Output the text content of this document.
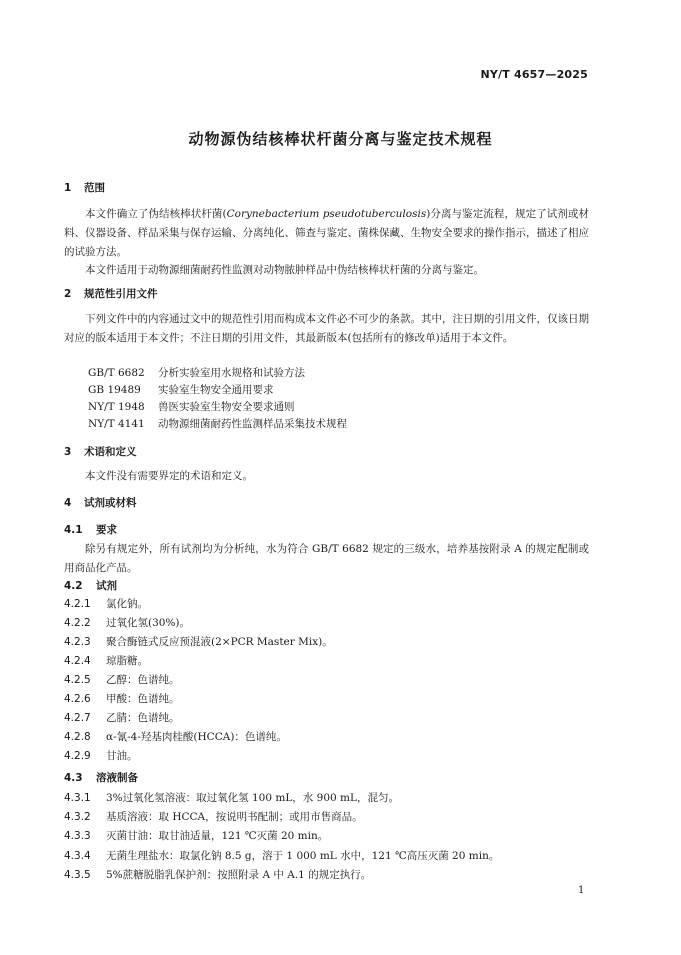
NY/T 4657—2025
动物源伪结核棒状杆菌分离与鉴定技术规程
1 范围
本文件确立了伪结核棒状杆菌(Corynebacterium pseudotuberculosis)分离与鉴定流程，规定了试剂或材料、仪器设备、样品采集与保存运输、分离纯化、筛查与鉴定、菌株保藏、生物安全要求的操作指示，描述了相应的试验方法。
本文件适用于动物源细菌耐药性监测对动物脓肿样品中伪结核棒状杆菌的分离与鉴定。
2 规范性引用文件
下列文件中的内容通过文中的规范性引用而构成本文件必不可少的条款。其中，注日期的引用文件，仅该日期对应的版本适用于本文件；不注日期的引用文件，其最新版本(包括所有的修改单)适用于本文件。
GB/T 6682 分析实验室用水规格和试验方法
GB 19489 实验室生物安全通用要求
NY/T 1948 兽医实验室生物安全要求通则
NY/T 4141 动物源细菌耐药性监测样品采集技术规程
3 术语和定义
本文件没有需要界定的术语和定义。
4 试剂或材料
4.1 要求
除另有规定外，所有试剂均为分析纯，水为符合 GB/T 6682 规定的三级水，培养基按附录 A 的规定配制或用商品化产品。
4.2 试剂
4.2.1 氯化钠。
4.2.2 过氧化氢(30%)。
4.2.3 聚合酶链式反应预混液(2×PCR Master Mix)。
4.2.4 琼脂糖。
4.2.5 乙醇：色谱纯。
4.2.6 甲酸：色谱纯。
4.2.7 乙腈：色谱纯。
4.2.8 α-氰-4-羟基肉桂酸(HCCA)：色谱纯。
4.2.9 甘油。
4.3 溶液制备
4.3.1 3%过氧化氢溶液：取过氧化氢 100 mL，水 900 mL，混匀。
4.3.2 基质溶液：取 HCCA，按说明书配制；或用市售商品。
4.3.3 灭菌甘油：取甘油适量，121 ℃灭菌 20 min。
4.3.4 无菌生理盐水：取氯化钠 8.5 g，溶于 1 000 mL 水中，121 ℃高压灭菌 20 min。
4.3.5 5%蔗糖脱脂乳保护剂：按照附录 A 中 A.1 的规定执行。
1
